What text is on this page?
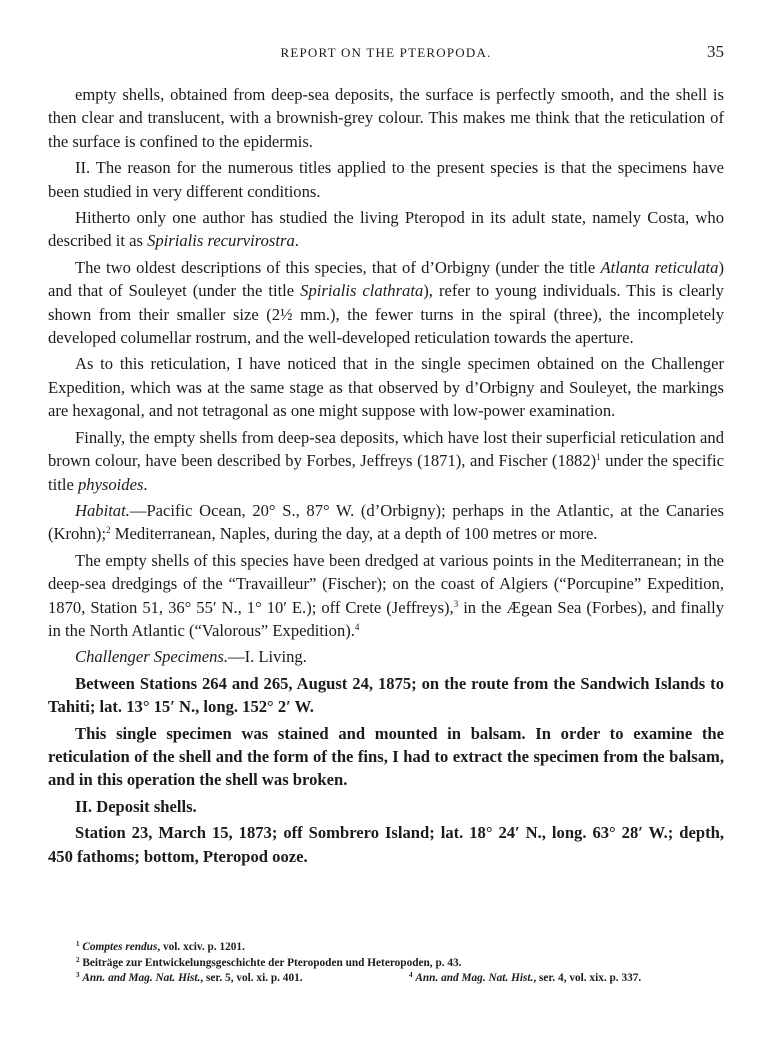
REPORT ON THE PTEROPODA.	35

empty shells, obtained from deep-sea deposits, the surface is perfectly smooth, and the shell is then clear and translucent, with a brownish-grey colour. This makes me think that the reticulation of the surface is confined to the epidermis.

II. The reason for the numerous titles applied to the present species is that the specimens have been studied in very different conditions.

Hitherto only one author has studied the living Pteropod in its adult state, namely Costa, who described it as Spirialis recurvirostra.

The two oldest descriptions of this species, that of d’Orbigny (under the title Atlanta reticulata) and that of Souleyet (under the title Spirialis clathrata), refer to young individuals. This is clearly shown from their smaller size (2½ mm.), the fewer turns in the spiral (three), the incompletely developed columellar rostrum, and the well-developed reticulation towards the aperture.

As to this reticulation, I have noticed that in the single specimen obtained on the Challenger Expedition, which was at the same stage as that observed by d’Orbigny and Souleyet, the markings are hexagonal, and not tetragonal as one might suppose with low-power examination.

Finally, the empty shells from deep-sea deposits, which have lost their superficial reticulation and brown colour, have been described by Forbes, Jeffreys (1871), and Fischer $(1882)^1$ under the specific title physoides.

Habitat.—Pacific Ocean, 20° S., 87° W. (d’Orbigny); perhaps in the Atlantic, at the Canaries (Krohn);$^2$ Mediterranean, Naples, during the day, at a depth of 100 metres or more.

The empty shells of this species have been dredged at various points in the Mediterranean; in the deep-sea dredgings of the “Travailleur” (Fischer); on the coast of Algiers (“Porcupine” Expedition, 1870, Station 51, 36° 55′ N., 1° 10′ E.); off Crete (Jeffreys),$^3$ in the Ægean Sea (Forbes), and finally in the North Atlantic (“Valorous” Expedition).$^4$

Challenger Specimens.—I. Living.

Between Stations 264 and 265, August 24, 1875; on the route from the Sandwich Islands to Tahiti; lat. 13° 15′ N., long. 152° 2′ W.

This single specimen was stained and mounted in balsam. In order to examine the reticulation of the shell and the form of the fins, I had to extract the specimen from the balsam, and in this operation the shell was broken.

II. Deposit shells.

Station 23, March 15, 1873; off Sombrero Island; lat. 18° 24′ N., long. 63° 28′ W.; depth, 450 fathoms; bottom, Pteropod ooze.

$^1$ Comptes rendus, vol. xciv. p. 1201.
$^2$ Beiträge zur Entwickelungsgeschichte der Pteropoden und Heteropoden, p. 43.
$^3$ Ann. and Mag. Nat. Hist., ser. 5, vol. xi. p. 401.	$^4$ Ann. and Mag. Nat. Hist., ser. 4, vol. xix. p. 337.
